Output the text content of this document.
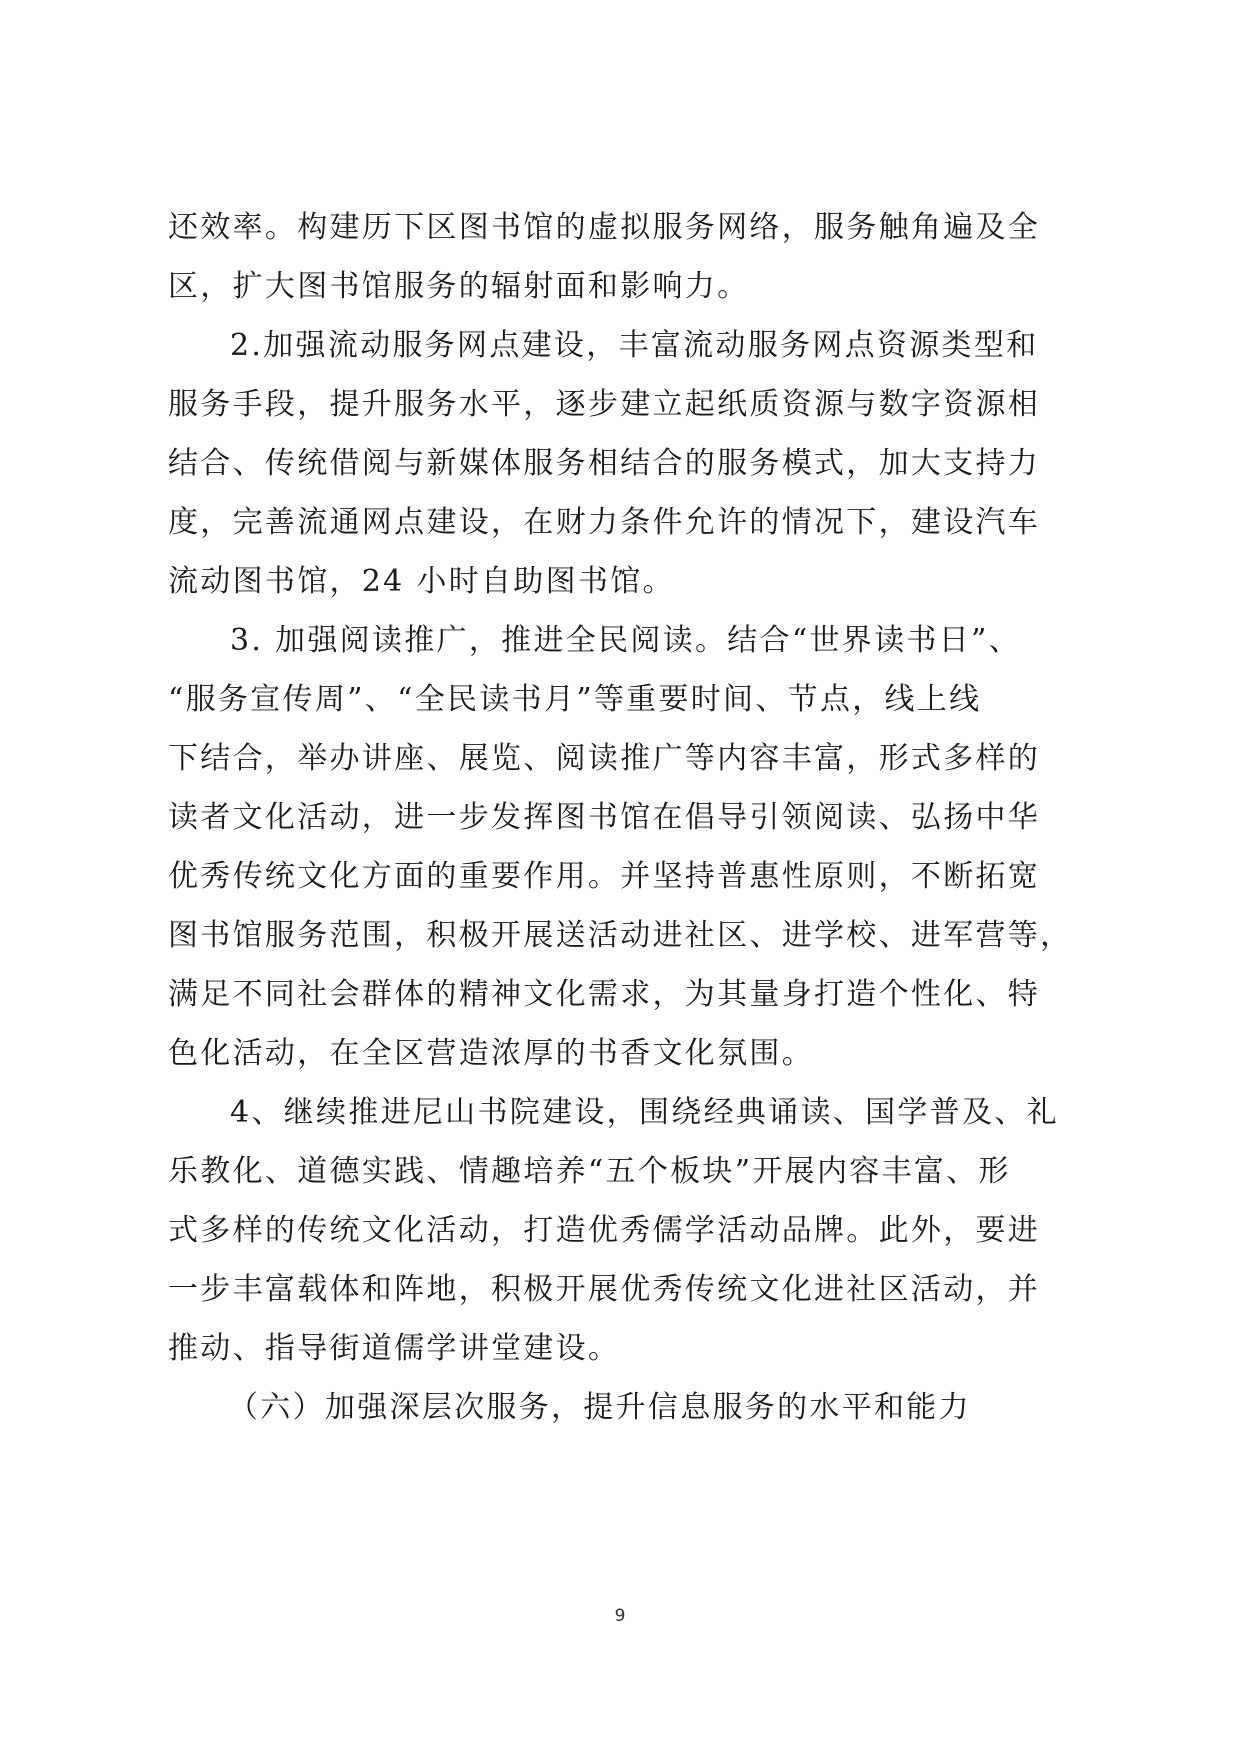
还效率。构建历下区图书馆的虚拟服务网络，服务触角遍及全
区，扩大图书馆服务的辐射面和影响力。
2.加强流动服务网点建设，丰富流动服务网点资源类型和
服务手段，提升服务水平，逐步建立起纸质资源与数字资源相
结合、传统借阅与新媒体服务相结合的服务模式，加大支持力
度，完善流通网点建设，在财力条件允许的情况下，建设汽车
流动图书馆，24 小时自助图书馆。
3. 加强阅读推广，推进全民阅读。结合“世界读书日”、
“服务宣传周”、“全民读书月”等重要时间、节点，线上线
下结合，举办讲座、展览、阅读推广等内容丰富，形式多样的
读者文化活动，进一步发挥图书馆在倡导引领阅读、弘扬中华
优秀传统文化方面的重要作用。并坚持普惠性原则，不断拓宽
图书馆服务范围，积极开展送活动进社区、进学校、进军营等，
满足不同社会群体的精神文化需求，为其量身打造个性化、特
色化活动，在全区营造浓厚的书香文化氛围。
4、继续推进尼山书院建设，围绕经典诵读、国学普及、礼
乐教化、道德实践、情趣培养“五个板块”开展内容丰富、形
式多样的传统文化活动，打造优秀儒学活动品牌。此外，要进
一步丰富载体和阵地，积极开展优秀传统文化进社区活动，并
推动、指导街道儒学讲堂建设。
（六）加强深层次服务，提升信息服务的水平和能力
9
